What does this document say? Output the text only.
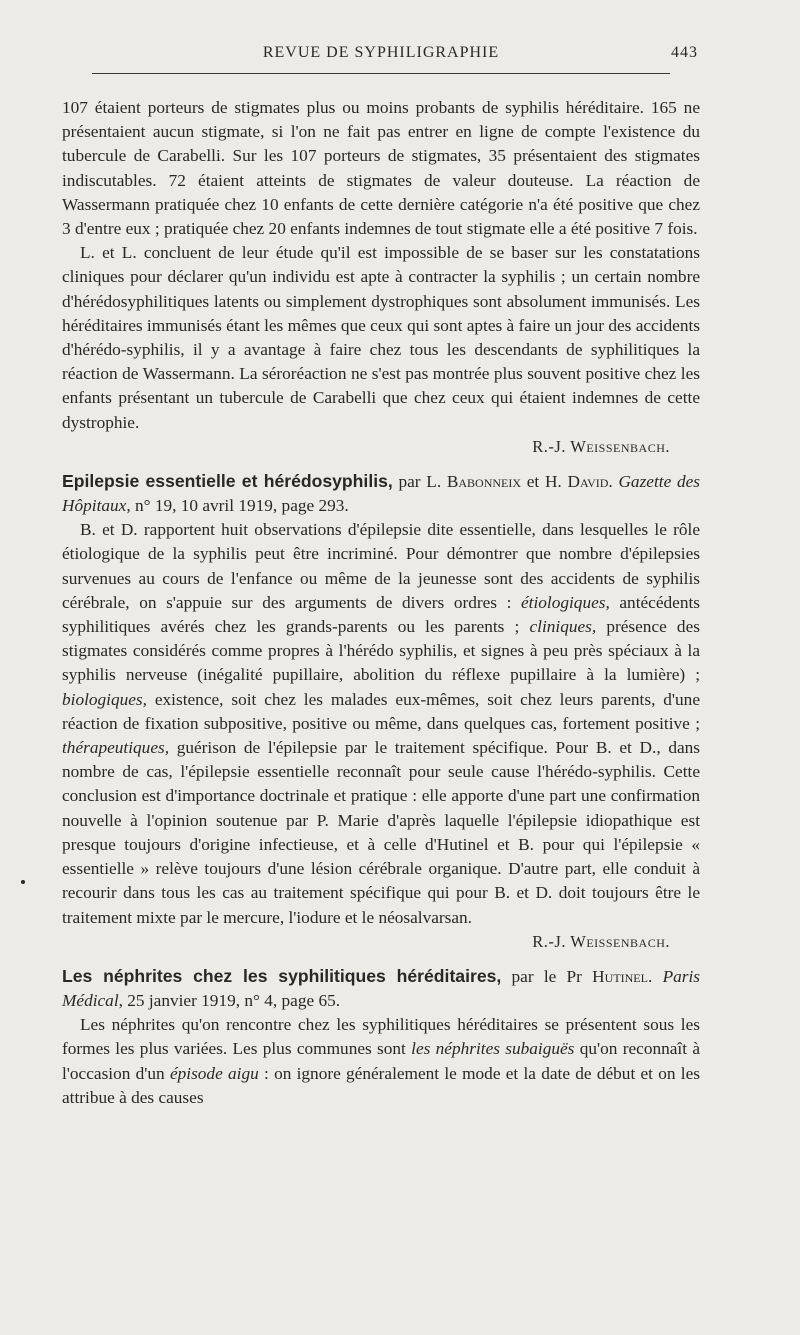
REVUE DE SYPHILIGRAPHIE	443

107 étaient porteurs de stigmates plus ou moins probants de syphilis héréditaire. 165 ne présentaient aucun stigmate, si l'on ne fait pas entrer en ligne de compte l'existence du tubercule de Carabelli. Sur les 107 porteurs de stigmates, 35 présentaient des stigmates indiscutables. 72 étaient atteints de stigmates de valeur douteuse. La réaction de Wassermann pratiquée chez 10 enfants de cette dernière catégorie n'a été positive que chez 3 d'entre eux ; pratiquée chez 20 enfants indemnes de tout stigmate elle a été positive 7 fois.

L. et L. concluent de leur étude qu'il est impossible de se baser sur les constatations cliniques pour déclarer qu'un individu est apte à contracter la syphilis ; un certain nombre d'hérédosyphilitiques latents ou simplement dystrophiques sont absolument immunisés. Les héréditaires immunisés étant les mêmes que ceux qui sont aptes à faire un jour des accidents d'hérédo-syphilis, il y a avantage à faire chez tous les descendants de syphilitiques la réaction de Wassermann. La séroréaction ne s'est pas montrée plus souvent positive chez les enfants présentant un tubercule de Carabelli que chez ceux qui étaient indemnes de cette dystrophie.

R.-J. Weissenbach.

Epilepsie essentielle et hérédosyphilis, par L. Babonneix et H. David. Gazette des Hôpitaux, n° 19, 10 avril 1919, page 293.

B. et D. rapportent huit observations d'épilepsie dite essentielle, dans lesquelles le rôle étiologique de la syphilis peut être incriminé. Pour démontrer que nombre d'épilepsies survenues au cours de l'enfance ou même de la jeunesse sont des accidents de syphilis cérébrale, on s'appuie sur des arguments de divers ordres : étiologiques, antécédents syphilitiques avérés chez les grands-parents ou les parents ; cliniques, présence des stigmates considérés comme propres à l'hérédo syphilis, et signes à peu près spéciaux à la syphilis nerveuse (inégalité pupillaire, abolition du réflexe pupillaire à la lumière) ; biologiques, existence, soit chez les malades eux-mêmes, soit chez leurs parents, d'une réaction de fixation subpositive, positive ou même, dans quelques cas, fortement positive ; thérapeutiques, guérison de l'épilepsie par le traitement spécifique. Pour B. et D., dans nombre de cas, l'épilepsie essentielle reconnaît pour seule cause l'hérédo-syphilis. Cette conclusion est d'importance doctrinale et pratique : elle apporte d'une part une confirmation nouvelle à l'opinion soutenue par P. Marie d'après laquelle l'épilepsie idiopathique est presque toujours d'origine infectieuse, et à celle d'Hutinel et B. pour qui l'épilepsie « essentielle » relève toujours d'une lésion cérébrale organique. D'autre part, elle conduit à recourir dans tous les cas au traitement spécifique qui pour B. et D. doit toujours être le traitement mixte par le mercure, l'iodure et le néosalvarsan.

R.-J. Weissenbach.

Les néphrites chez les syphilitiques héréditaires, par le Pr Hutinel. Paris Médical, 25 janvier 1919, n° 4, page 65.

Les néphrites qu'on rencontre chez les syphilitiques héréditaires se présentent sous les formes les plus variées. Les plus communes sont les néphrites subaiguës qu'on reconnaît à l'occasion d'un épisode aigu : on ignore généralement le mode et la date de début et on les attribue à des causes
